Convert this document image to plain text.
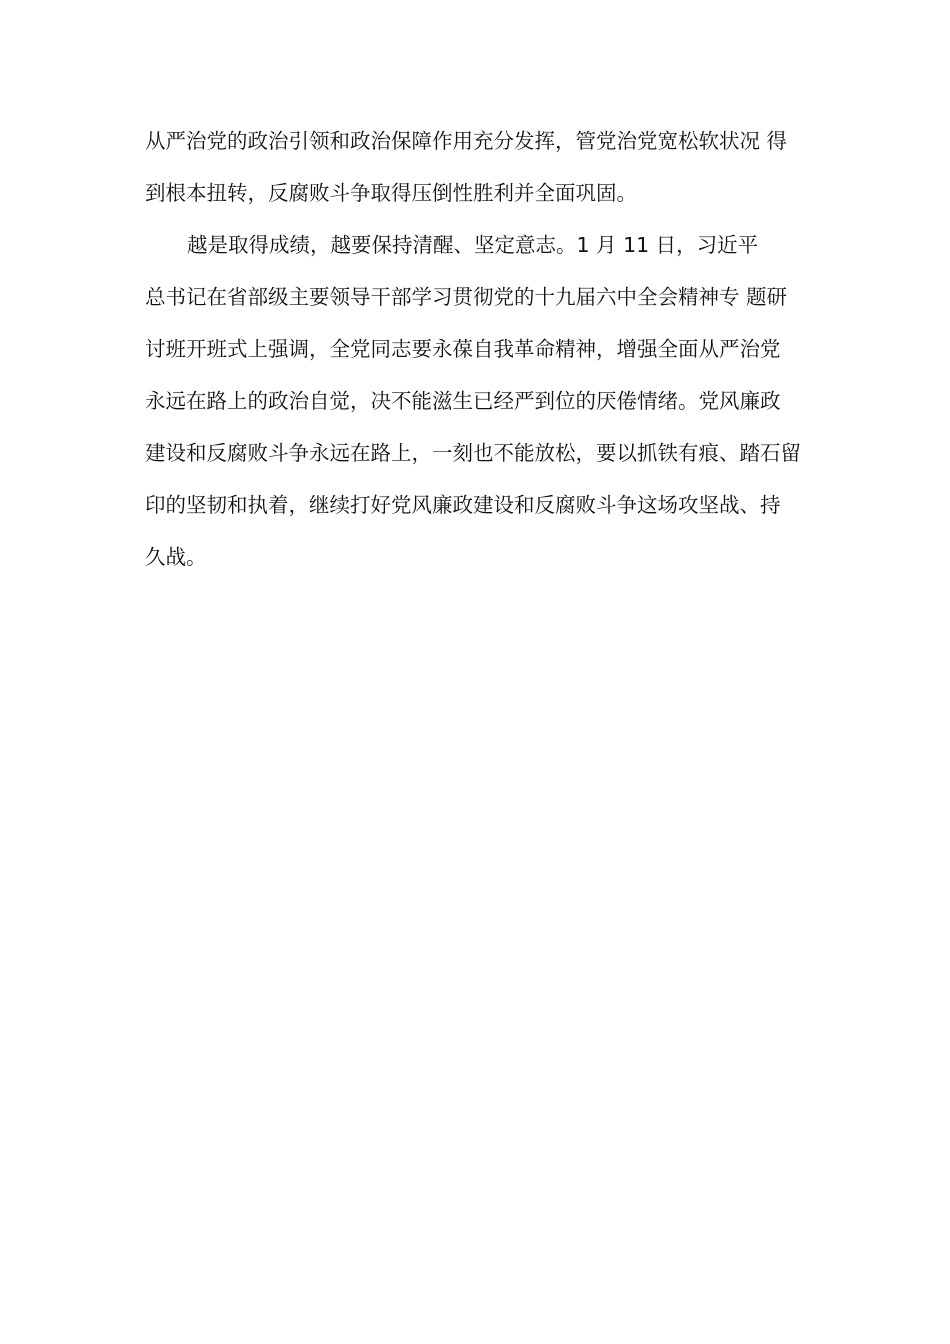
从严治党的政治引领和政治保障作用充分发挥，管党治党宽松软状况 得
到根本扭转，反腐败斗争取得压倒性胜利并全面巩固。
越是取得成绩，越要保持清醒、坚定意志。1 月 11 日，习近平
总书记在省部级主要领导干部学习贯彻党的十九届六中全会精神专 题研
讨班开班式上强调，全党同志要永葆自我革命精神，增强全面从严治党
永远在路上的政治自觉，决不能滋生已经严到位的厌倦情绪。党风廉政
建设和反腐败斗争永远在路上，一刻也不能放松，要以抓铁有痕、踏石留
印的坚韧和执着，继续打好党风廉政建设和反腐败斗争这场攻坚战、持
久战。
